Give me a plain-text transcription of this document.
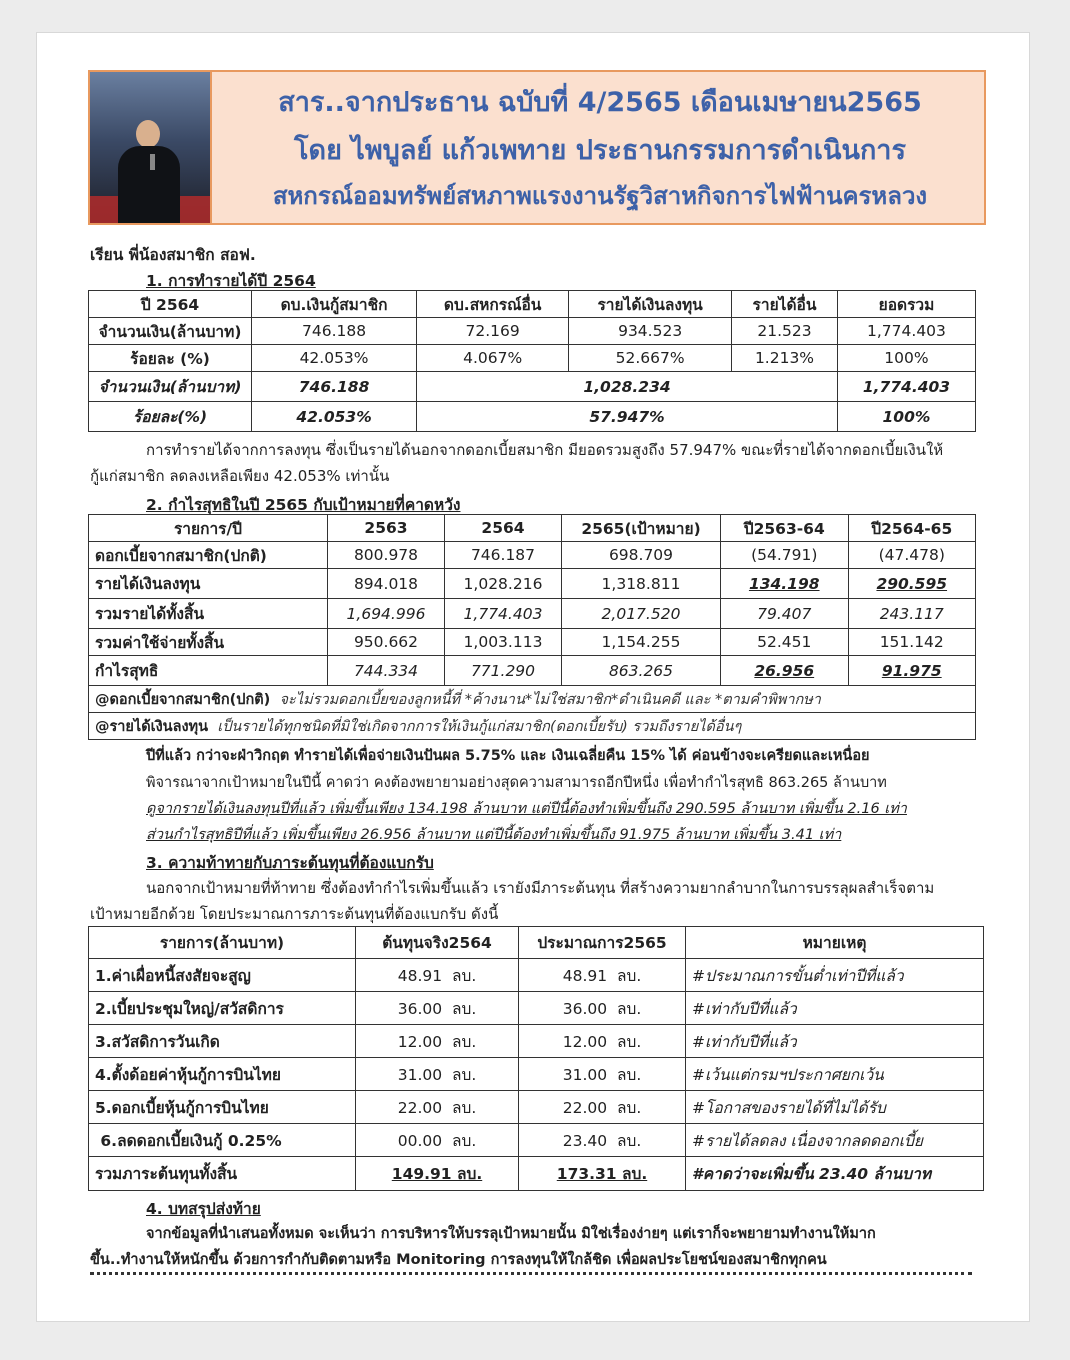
สาร..จากประธาน ฉบับที่ 4/2565 เดือนเมษายน2565
โดย ไพบูลย์ แก้วเพทาย ประธานกรรมการดำเนินการ
สหกรณ์ออมทรัพย์สหภาพแรงงานรัฐวิสาหกิจการไฟฟ้านครหลวง
เรียน พี่น้องสมาชิก สอฟ.
1. การทำรายได้ปี 2564
ปี 2564	ดบ.เงินกู้สมาชิก	ดบ.สหกรณ์อื่น	รายได้เงินลงทุน	รายได้อื่น	ยอดรวม
จำนวนเงิน(ล้านบาท)	746.188	72.169	934.523	21.523	1,774.403
ร้อยละ (%)	42.053%	4.067%	52.667%	1.213%	100%
จำนวนเงิน(ล้านบาท)	746.188	1,028.234			1,774.403
ร้อยละ(%)	42.053%	57.947%			100%
การทำรายได้จากการลงทุน ซึ่งเป็นรายได้นอกจากดอกเบี้ยสมาชิก มียอดรวมสูงถึง 57.947% ขณะที่รายได้จากดอกเบี้ยเงินให้
กู้แก่สมาชิก ลดลงเหลือเพียง 42.053% เท่านั้น
2. กำไรสุทธิในปี 2565 กับเป้าหมายที่คาดหวัง
รายการ/ปี	2563	2564	2565(เป้าหมาย)	ปี2563-64	ปี2564-65
ดอกเบี้ยจากสมาชิก(ปกติ)	800.978	746.187	698.709	(54.791)	(47.478)
รายได้เงินลงทุน	894.018	1,028.216	1,318.811	134.198	290.595
รวมรายได้ทั้งสิ้น	1,694.996	1,774.403	2,017.520	79.407	243.117
รวมค่าใช้จ่ายทั้งสิ้น	950.662	1,003.113	1,154.255	52.451	151.142
กำไรสุทธิ	744.334	771.290	863.265	26.956	91.975
@ดอกเบี้ยจากสมาชิก(ปกติ) จะไม่รวมดอกเบี้ยของลูกหนี้ที่ *ค้างนาน*ไม่ใช่สมาชิก*ดำเนินคดี และ *ตามคำพิพากษา					
@รายได้เงินลงทุน เป็นรายได้ทุกชนิดที่มิใช่เกิดจากการให้เงินกู้แก่สมาชิก(ดอกเบี้ยรับ) รวมถึงรายได้อื่นๆ					
ปีที่แล้ว กว่าจะฝ่าวิกฤต ทำรายได้เพื่อจ่ายเงินปันผล 5.75% และ เงินเฉลี่ยคืน 15% ได้ ค่อนข้างจะเครียดและเหนื่อย
พิจารณาจากเป้าหมายในปีนี้ คาดว่า คงต้องพยายามอย่างสุดความสามารถอีกปีหนึ่ง เพื่อทำกำไรสุทธิ 863.265 ล้านบาท
ดูจากรายได้เงินลงทุนปีที่แล้ว เพิ่มขึ้นเพียง 134.198 ล้านบาท แต่ปีนี้ต้องทำเพิ่มขึ้นถึง 290.595 ล้านบาท เพิ่มขึ้น 2.16 เท่า
ส่วนกำไรสุทธิปีที่แล้ว เพิ่มขึ้นเพียง 26.956 ล้านบาท แต่ปีนี้ต้องทำเพิ่มขึ้นถึง 91.975 ล้านบาท เพิ่มขึ้น 3.41 เท่า
3. ความท้าทายกับภาระต้นทุนที่ต้องแบกรับ
นอกจากเป้าหมายที่ท้าทาย ซึ่งต้องทำกำไรเพิ่มขึ้นแล้ว เรายังมีภาระต้นทุน ที่สร้างความยากลำบากในการบรรลุผลสำเร็จตาม
เป้าหมายอีกด้วย โดยประมาณการภาระต้นทุนที่ต้องแบกรับ ดังนี้
รายการ(ล้านบาท)	ต้นทุนจริง2564	ประมาณการ2565	หมายเหตุ
1.ค่าเผื่อหนี้สงสัยจะสูญ	48.91  ลบ.	48.91  ลบ.	#ประมาณการขั้นต่ำเท่าปีที่แล้ว
2.เบี้ยประชุมใหญ่/สวัสดิการ	36.00  ลบ.	36.00  ลบ.	#เท่ากับปีที่แล้ว
3.สวัสดิการวันเกิด	12.00  ลบ.	12.00  ลบ.	#เท่ากับปีที่แล้ว
4.ตั้งด้อยค่าหุ้นกู้การบินไทย	31.00  ลบ.	31.00  ลบ.	#เว้นแต่กรมฯประกาศยกเว้น
5.ดอกเบี้ยหุ้นกู้การบินไทย	22.00  ลบ.	22.00  ลบ.	#โอกาสของรายได้ที่ไม่ได้รับ
6.ลดดอกเบี้ยเงินกู้ 0.25%	00.00  ลบ.	23.40  ลบ.	#รายได้ลดลง เนื่องจากลดดอกเบี้ย
รวมภาระต้นทุนทั้งสิ้น	149.91 ลบ.	173.31 ลบ.	#คาดว่าจะเพิ่มขึ้น 23.40 ล้านบาท
4. บทสรุปส่งท้าย
จากข้อมูลที่นำเสนอทั้งหมด จะเห็นว่า การบริหารให้บรรลุเป้าหมายนั้น มิใช่เรื่องง่ายๆ แต่เราก็จะพยายามทำงานให้มาก
ขึ้น..ทำงานให้หนักขึ้น ด้วยการกำกับติดตามหรือ Monitoring การลงทุนให้ใกล้ชิด เพื่อผลประโยชน์ของสมาชิกทุกคน
